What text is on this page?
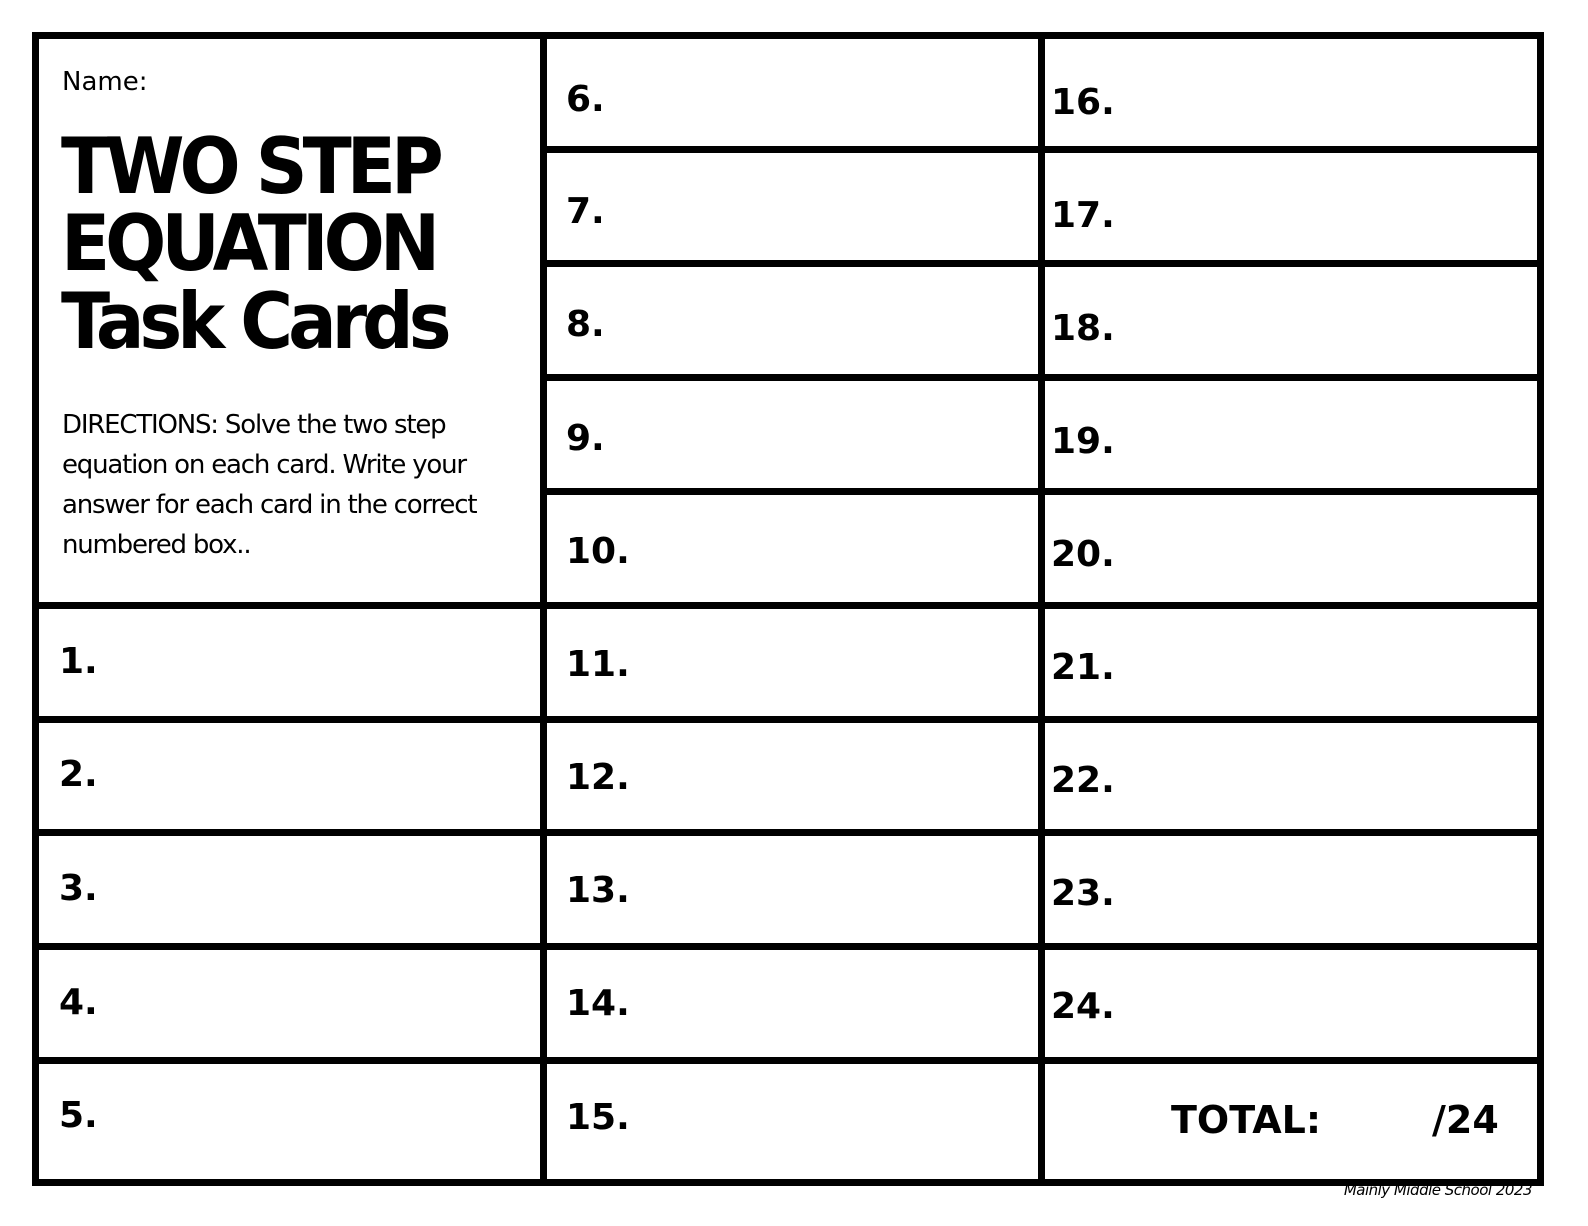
Name:
TWO STEP
EQUATION
Task Cards
DIRECTIONS: Solve the two step equation on each card. Write your answer for each card in the correct numbered box..
1.
2.
3.
4.
5.
6.
7.
8.
9.
10.
11.
12.
13.
14.
15.
16.
17.
18.
19.
20.
21.
22.
23.
24.
TOTAL:	/24
Mainly Middle School 2023
